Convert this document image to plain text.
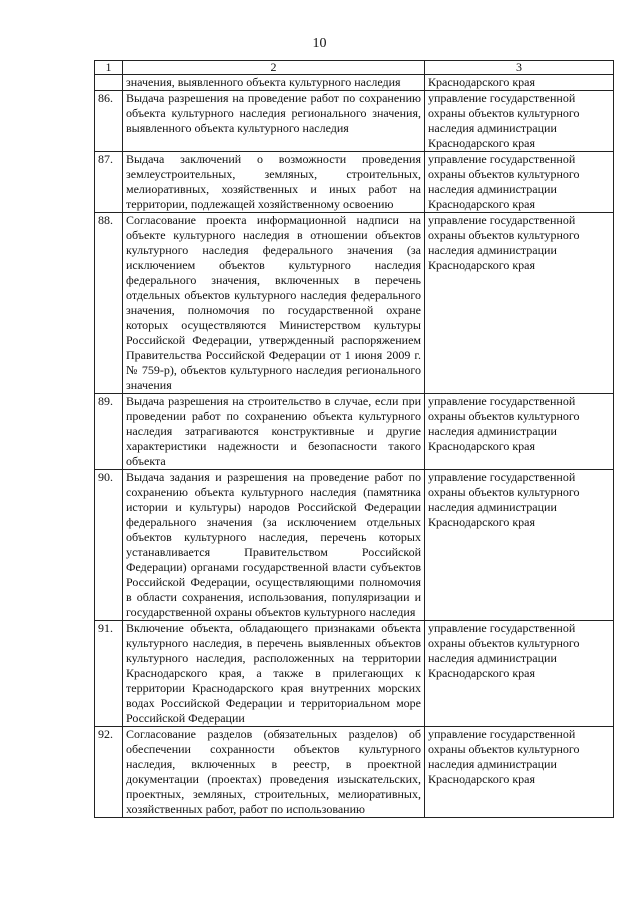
10
1	2	3
	значения, выявленного объекта культурного наследия	Краснодарского края
86.	Выдача разрешения на проведение работ по сохранению объекта культурного наследия регионального значения, выявленного объекта культурного наследия	управление государственной охраны объектов культурного наследия администрации Краснодарского края
87.	Выдача заключений о возможности проведения землеустроительных, земляных, строительных, мелиоративных, хозяйственных и иных работ на территории, подлежащей хозяйственному освоению	управление государственной охраны объектов культурного наследия администрации Краснодарского края
88.	Согласование проекта информационной надписи на объекте культурного наследия в отношении объектов культурного наследия федерального значения (за исключением объектов культурного наследия федерального значения, включенных в перечень отдельных объектов культурного наследия федерального значения, полномочия по государственной охране которых осуществляются Министерством культуры Российской Федерации, утвержденный распоряжением Правительства Российской Федерации от 1 июня 2009 г. № 759-р), объектов культурного наследия регионального значения	управление государственной охраны объектов культурного наследия администрации Краснодарского края
89.	Выдача разрешения на строительство в случае, если при проведении работ по сохранению объекта культурного наследия затрагиваются конструктивные и другие характеристики надежности и безопасности такого объекта	управление государственной охраны объектов культурного наследия администрации Краснодарского края
90.	Выдача задания и разрешения на проведение работ по сохранению объекта культурного наследия (памятника истории и культуры) народов Российской Федерации федерального значения (за исключением отдельных объектов культурного наследия, перечень которых устанавливается Правительством Российской Федерации) органами государственной власти субъектов Российской Федерации, осуществляющими полномочия в области сохранения, использования, популяризации и государственной охраны объектов культурного наследия	управление государственной охраны объектов культурного наследия администрации Краснодарского края
91.	Включение объекта, обладающего признаками объекта культурного наследия, в перечень выявленных объектов культурного наследия, расположенных на территории Краснодарского края, а также в прилегающих к территории Краснодарского края внутренних морских водах Российской Федерации и территориальном море Российской Федерации	управление государственной охраны объектов культурного наследия администрации Краснодарского края
92.	Согласование разделов (обязательных разделов) об обеспечении сохранности объектов культурного наследия, включенных в реестр, в проектной документации (проектах) проведения изыскательских, проектных, земляных, строительных, мелиоративных, хозяйственных работ, работ по использованию	управление государственной охраны объектов культурного наследия администрации Краснодарского края
